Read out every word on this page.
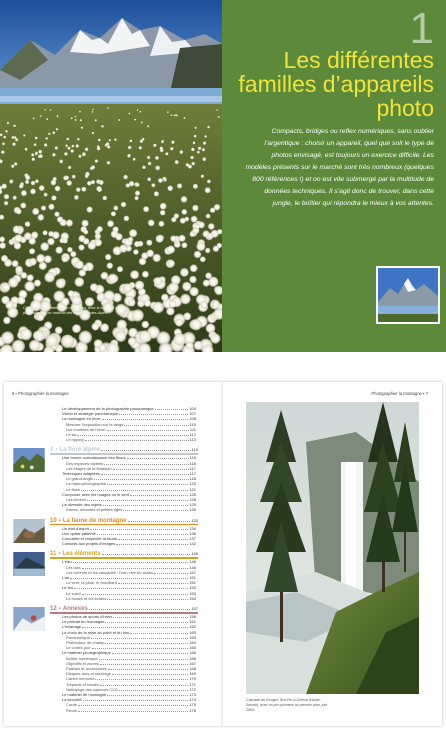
1
Les différentes familles d’appareils photo
Compacts, bridges ou reflex numériques, sans oublier l’argentique : choisir un appareil, quel que soit le type de photos envisagé, est toujours un exercice difficile. Les modèles présents sur le marché sont très nombreux (quelques 800 références !) et on est vite submergé par la multitude de données techniques. Il s’agit donc de trouver, dans cette jungle, le boîtier qui répondra le mieux à vos attentes.
Champ de linaigrettes au lac du Goléon, avec la Meije en arrière-plan, dans le Parc national des Écrins, Hautes-Alpes.
6 ▪ Photographier la montagne
Le développement de la photographie panoramique	104
Vision et stratégie panoramique	107
La montagne en hiver	108
Mesurer l’exposition sur la neige	110
Les couleurs de l’hiver	111
Le ski	112
Le ripping	113
7 ▪ La flore alpine	115
Une bonne connaissance des fleurs	116
Des espèces variées	116
Les étages de la floraison	117
Techniques adaptées	117
Le grand-angle	118
La macrophotographie	120
Le flash	121
Composer avec les nuages ou le vent	126
Les lichens	128
La diversité des sujets	129
Arbres, arbustes et petites tiges	130
10 ▪ La faune de montagne	133
Un état d’esprit	134
Une quête patiente	136
Connaître et respecter la faune	137
Conseils aux projets d’images	142
11 ▪ Les éléments	145
L’eau	146
Les lacs	146
Les torrents et les cascades : l’eau vive en action	147
L’air	151
Le vent, la pluie, le brouillard	151
Le feu	152
Le soleil	153
La foudre et les éclairs	154
12 ▪ Annexes	157
Les photos de sports d’hiver	158
Le portrait en montagne	161
L’éclairage	162
Le choix de la mise au point et du flou	163
Panoramique	163
Profondeur de champ	164
Le contre-jour	165
Le matériel photographique	166
Boîtier numérique	166
Objectifs et zooms	167
Flashes et accessoires	168
Disques durs et stockage	169
Cartes mémoire	170
Trépieds et rotules	171
Nettoyage des capteurs CCD	172
Le matériel de montagne	173
La sécurité	174
Corde	175
Réveil	176
Photographier la montagne ▪ 7
Cascade du Rouget, Sixt-Fer-à-Cheval (Haute-Savoie), avec un pin sylvestre au premier plan, juin 2004.
